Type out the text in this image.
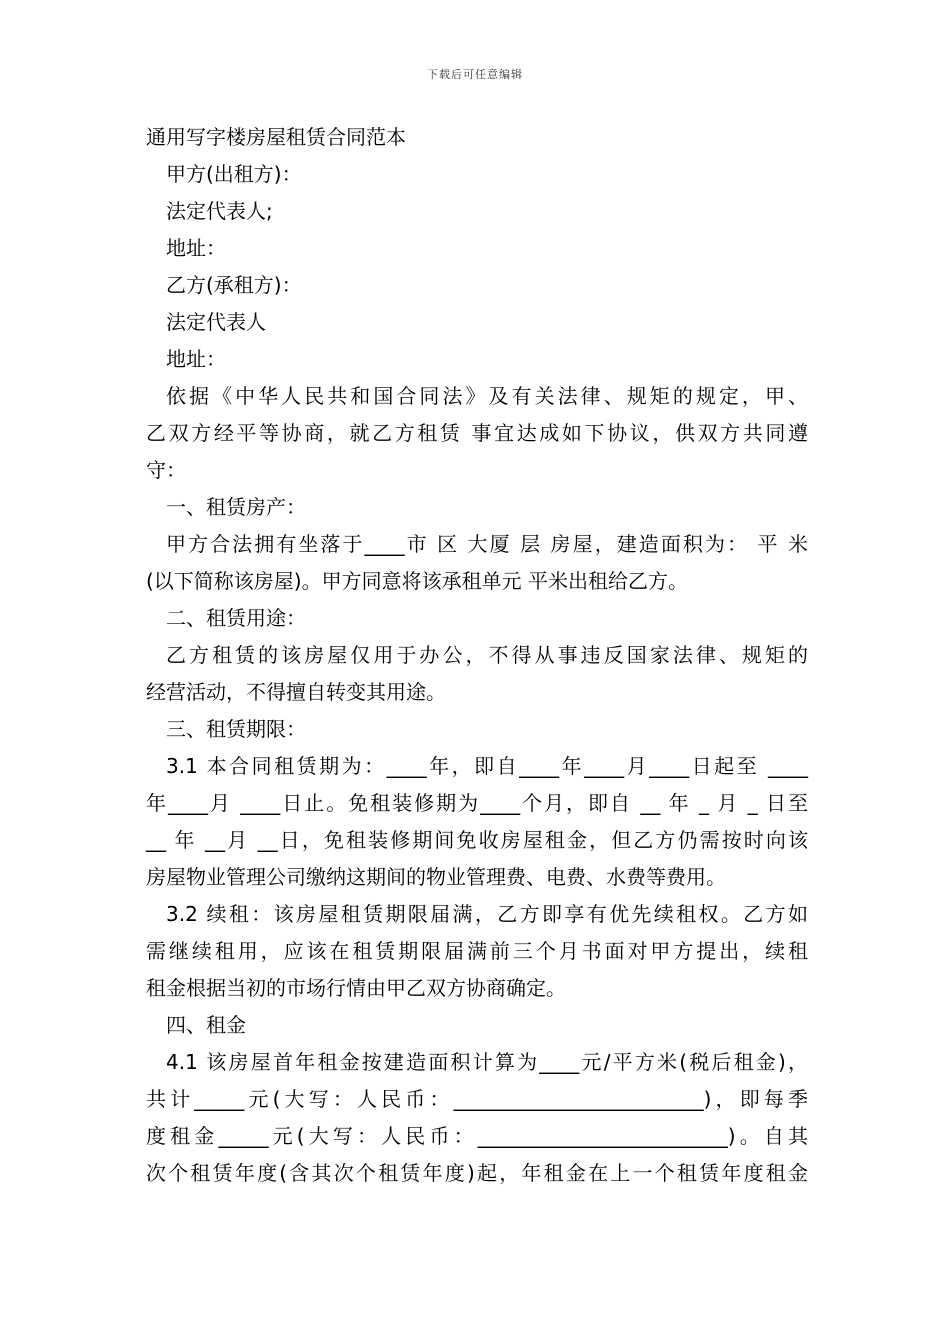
下载后可任意编辑

通用写字楼房屋租赁合同范本

甲方(出租方)：

法定代表人;

地址：

乙方(承租方)：

法定代表人

地址：

依据《中华人民共和国合同法》及有关法律、规矩的规定，甲、

乙双方经平等协商，就乙方租赁 事宜达成如下协议，供双方共同遵

守：

一、租赁房产：

甲方合法拥有坐落于____市 区 大厦 层 房屋，建造面积为： 平 米

(以下简称该房屋)。甲方同意将该承租单元 平米出租给乙方。

二、租赁用途：

乙方租赁的该房屋仅用于办公，不得从事违反国家法律、规矩的

经营活动，不得擅自转变其用途。

三、租赁期限：

3.1 本合同租赁期为：____年，即自____年____月____日起至 ____

年____月 ____日止。免租装修期为____个月，即自 __ 年 _ 月 _ 日至

__ 年 __月 __日，免租装修期间免收房屋租金，但乙方仍需按时向该

房屋物业管理公司缴纳这期间的物业管理费、电费、水费等费用。

3.2 续租：该房屋租赁期限届满，乙方即享有优先续租权。乙方如

需继续租用，应该在租赁期限届满前三个月书面对甲方提出，续租

租金根据当初的市场行情由甲乙双方协商确定。

四、租金

4.1 该房屋首年租金按建造面积计算为____元/平方米(税后租金)，

共计_____元(大写：人民币：_________________________)，即每季

度租金_____元(大写：人民币：_________________________)。自其

次个租赁年度(含其次个租赁年度)起，年租金在上一个租赁年度租金
